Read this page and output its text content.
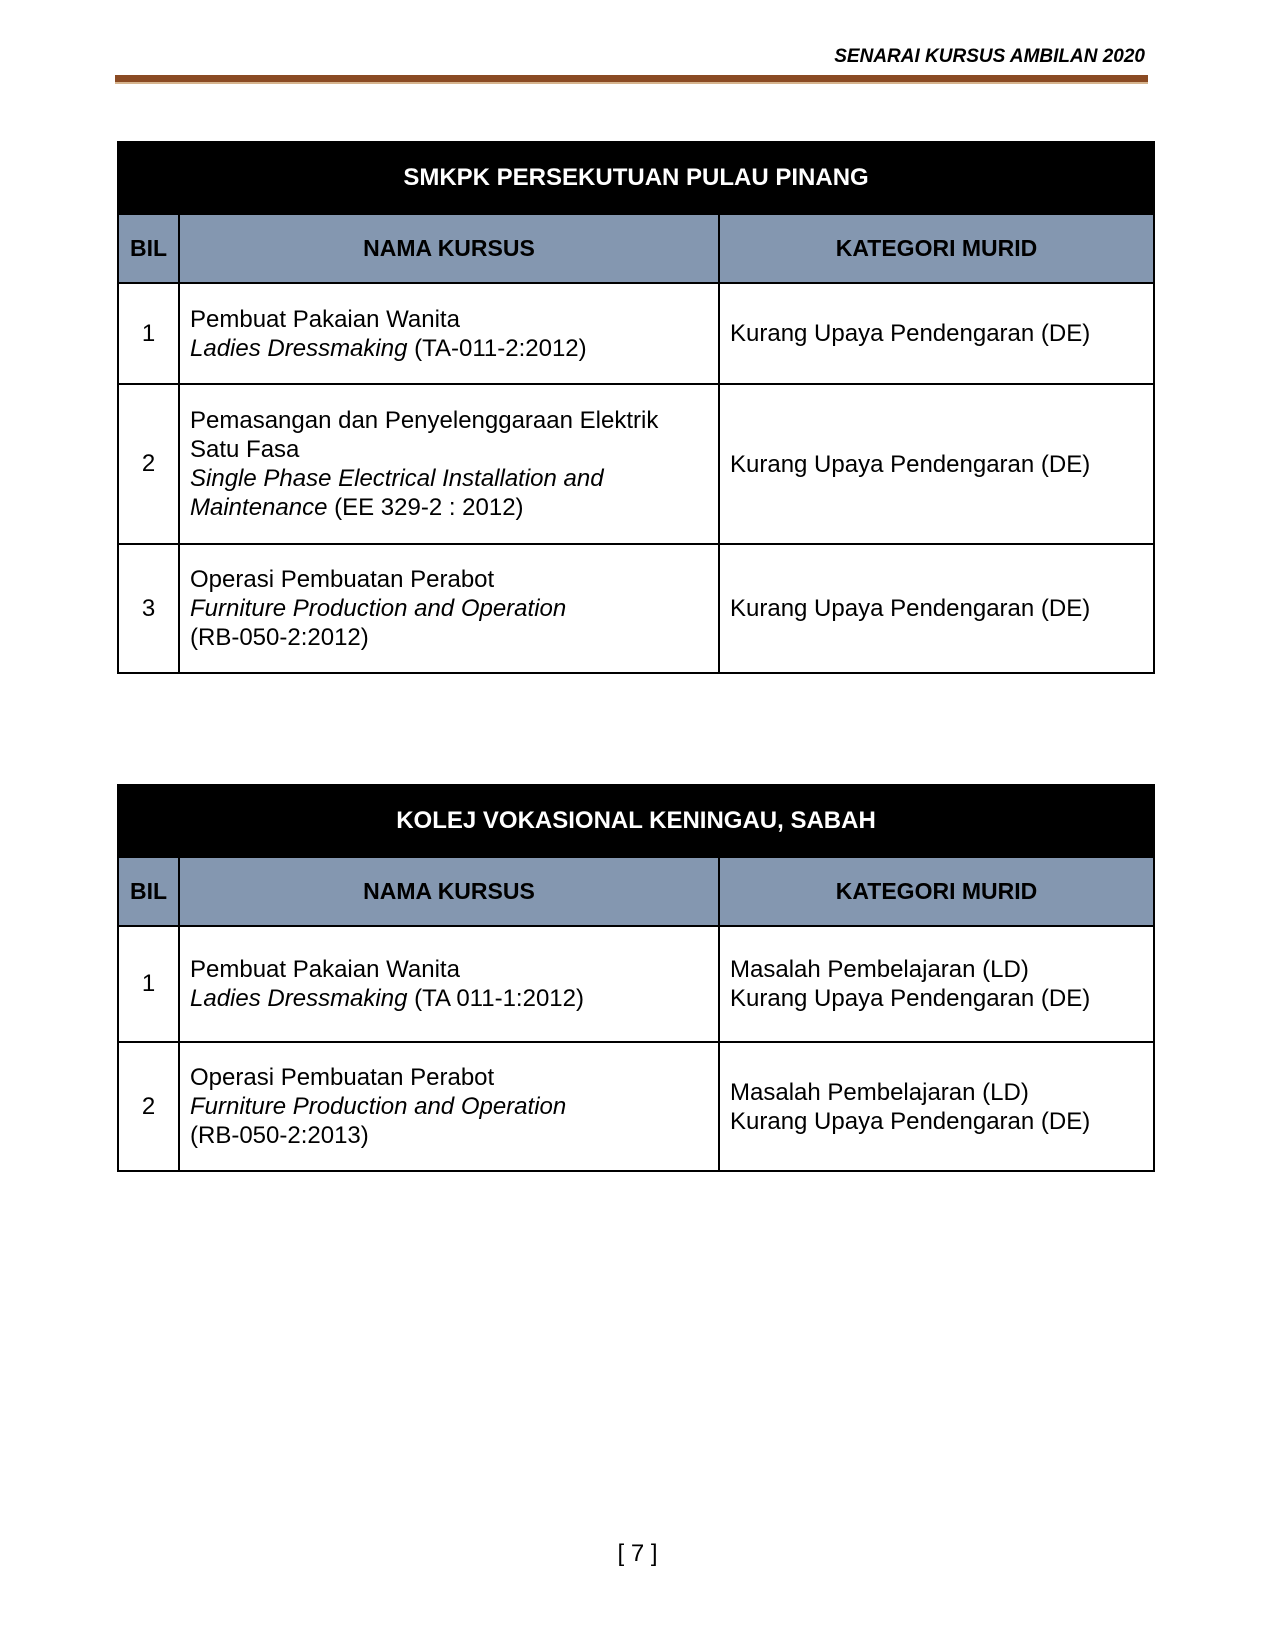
SENARAI KURSUS AMBILAN 2020
SMKPK PERSEKUTUAN PULAU PINANG		
BIL	NAMA KURSUS	KATEGORI MURID
1	Pembuat Pakaian Wanita
Ladies Dressmaking (TA-011-2:2012)	Kurang Upaya Pendengaran (DE)

2	Pemasangan dan Penyelenggaraan Elektrik
Satu Fasa
Single Phase Electrical Installation and
Maintenance (EE 329-2 : 2012)	Kurang Upaya Pendengaran (DE)

3	Operasi Pembuatan Perabot
Furniture Production and Operation
(RB-050-2:2012)	Kurang Upaya Pendengaran (DE)
KOLEJ VOKASIONAL KENINGAU, SABAH		
BIL	NAMA KURSUS	KATEGORI MURID
1	Pembuat Pakaian Wanita
Ladies Dressmaking (TA 011-1:2012)	Masalah Pembelajaran (LD)
Kurang Upaya Pendengaran (DE)

2	Operasi Pembuatan Perabot
Furniture Production and Operation
(RB-050-2:2013)	Masalah Pembelajaran (LD)
Kurang Upaya Pendengaran (DE)
[ 7 ]
